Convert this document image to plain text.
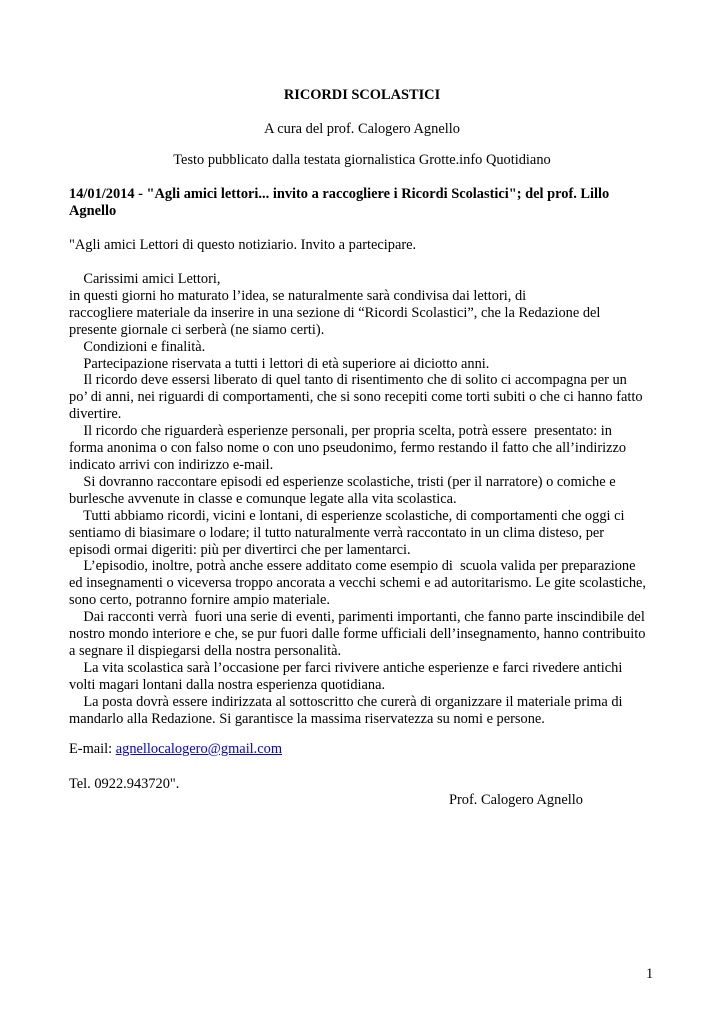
RICORDI SCOLASTICI
A cura del prof. Calogero Agnello
Testo pubblicato dalla testata giornalistica Grotte.info Quotidiano
14/01/2014 - "Agli amici lettori... invito a raccogliere i Ricordi Scolastici"; del prof. Lillo
Agnello
"Agli amici Lettori di questo notiziario. Invito a partecipare.
Carissimi amici Lettori,
in questi giorni ho maturato l’idea, se naturalmente sarà condivisa dai lettori, di
raccogliere materiale da inserire in una sezione di “Ricordi Scolastici”, che la Redazione del
presente giornale ci serberà (ne siamo certi).
Condizioni e finalità.
Partecipazione riservata a tutti i lettori di età superiore ai diciotto anni.
Il ricordo deve essersi liberato di quel tanto di risentimento che di solito ci accompagna per un
po’ di anni, nei riguardi di comportamenti, che si sono recepiti come torti subiti o che ci hanno fatto
divertire.
Il ricordo che riguarderà esperienze personali, per propria scelta, potrà essere  presentato: in
forma anonima o con falso nome o con uno pseudonimo, fermo restando il fatto che all’indirizzo
indicato arrivi con indirizzo e-mail.
Si dovranno raccontare episodi ed esperienze scolastiche, tristi (per il narratore) o comiche e
burlesche avvenute in classe e comunque legate alla vita scolastica.
Tutti abbiamo ricordi, vicini e lontani, di esperienze scolastiche, di comportamenti che oggi ci
sentiamo di biasimare o lodare; il tutto naturalmente verrà raccontato in un clima disteso, per
episodi ormai digeriti: più per divertirci che per lamentarci.
L’episodio, inoltre, potrà anche essere additato come esempio di  scuola valida per preparazione
ed insegnamenti o viceversa troppo ancorata a vecchi schemi e ad autoritarismo. Le gite scolastiche,
sono certo, potranno fornire ampio materiale.
Dai racconti verrà  fuori una serie di eventi, parimenti importanti, che fanno parte inscindibile del
nostro mondo interiore e che, se pur fuori dalle forme ufficiali dell’insegnamento, hanno contribuito
a segnare il dispiegarsi della nostra personalità.
La vita scolastica sarà l’occasione per farci rivivere antiche esperienze e farci rivedere antichi
volti magari lontani dalla nostra esperienza quotidiana.
La posta dovrà essere indirizzata al sottoscritto che curerà di organizzare il materiale prima di
mandarlo alla Redazione. Si garantisce la massima riservatezza su nomi e persone.
E-mail: agnellocalogero@gmail.com
Tel. 0922.943720".
Prof. Calogero Agnello
1
